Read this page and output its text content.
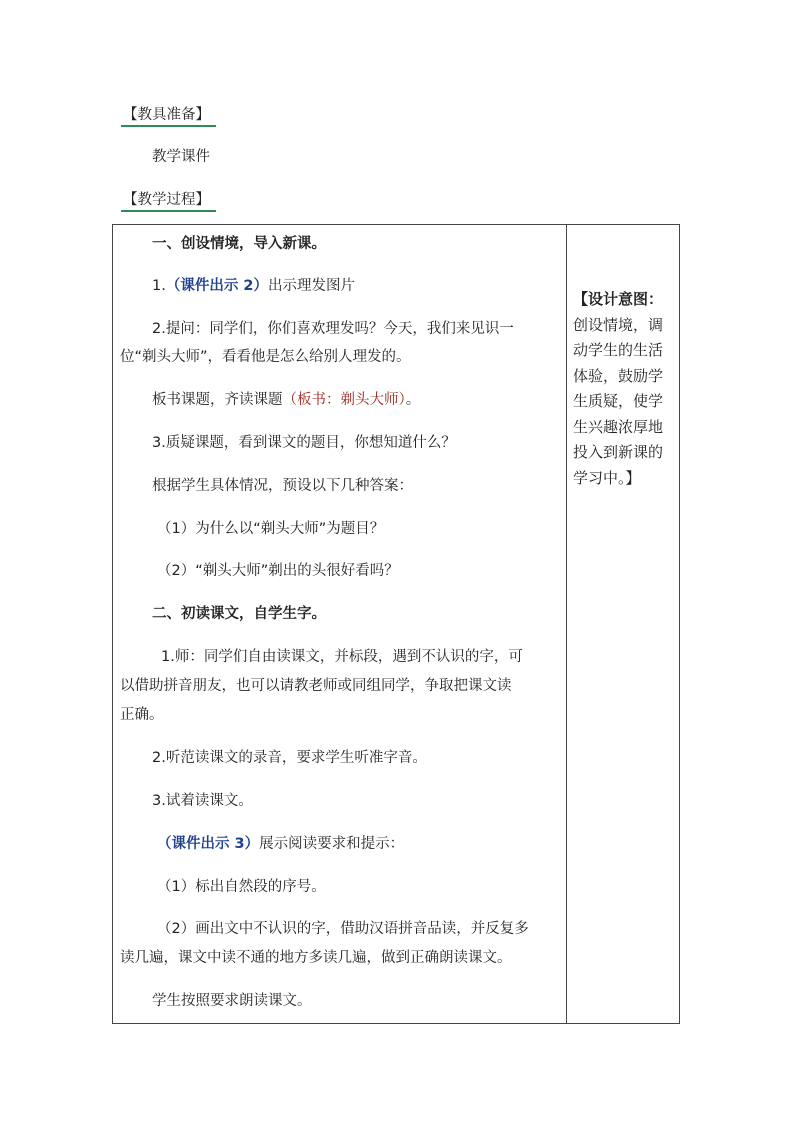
【教具准备】
教学课件
【教学过程】
一、创设情境，导入新课。
1.（课件出示 2）出示理发图片
2.提问：同学们，你们喜欢理发吗？今天，我们来见识一
位“剃头大师”，看看他是怎么给别人理发的。
板书课题，齐读课题（板书：剃头大师）。
3.质疑课题，看到课文的题目，你想知道什么？
根据学生具体情况，预设以下几种答案：
（1）为什么以“剃头大师”为题目？
（2）“剃头大师”剃出的头很好看吗？
二、初读课文，自学生字。
1.师：同学们自由读课文，并标段，遇到不认识的字，可
以借助拼音朋友，也可以请教老师或同组同学，争取把课文读
正确。
2.听范读课文的录音，要求学生听准字音。
3.试着读课文。
（课件出示 3）展示阅读要求和提示：
（1）标出自然段的序号。
（2）画出文中不认识的字，借助汉语拼音品读，并反复多
读几遍，课文中读不通的地方多读几遍，做到正确朗读课文。
学生按照要求朗读课文。
【设计意图：
创设情境，调
动学生的生活
体验，鼓励学
生质疑，使学
生兴趣浓厚地
投入到新课的
学习中。】
